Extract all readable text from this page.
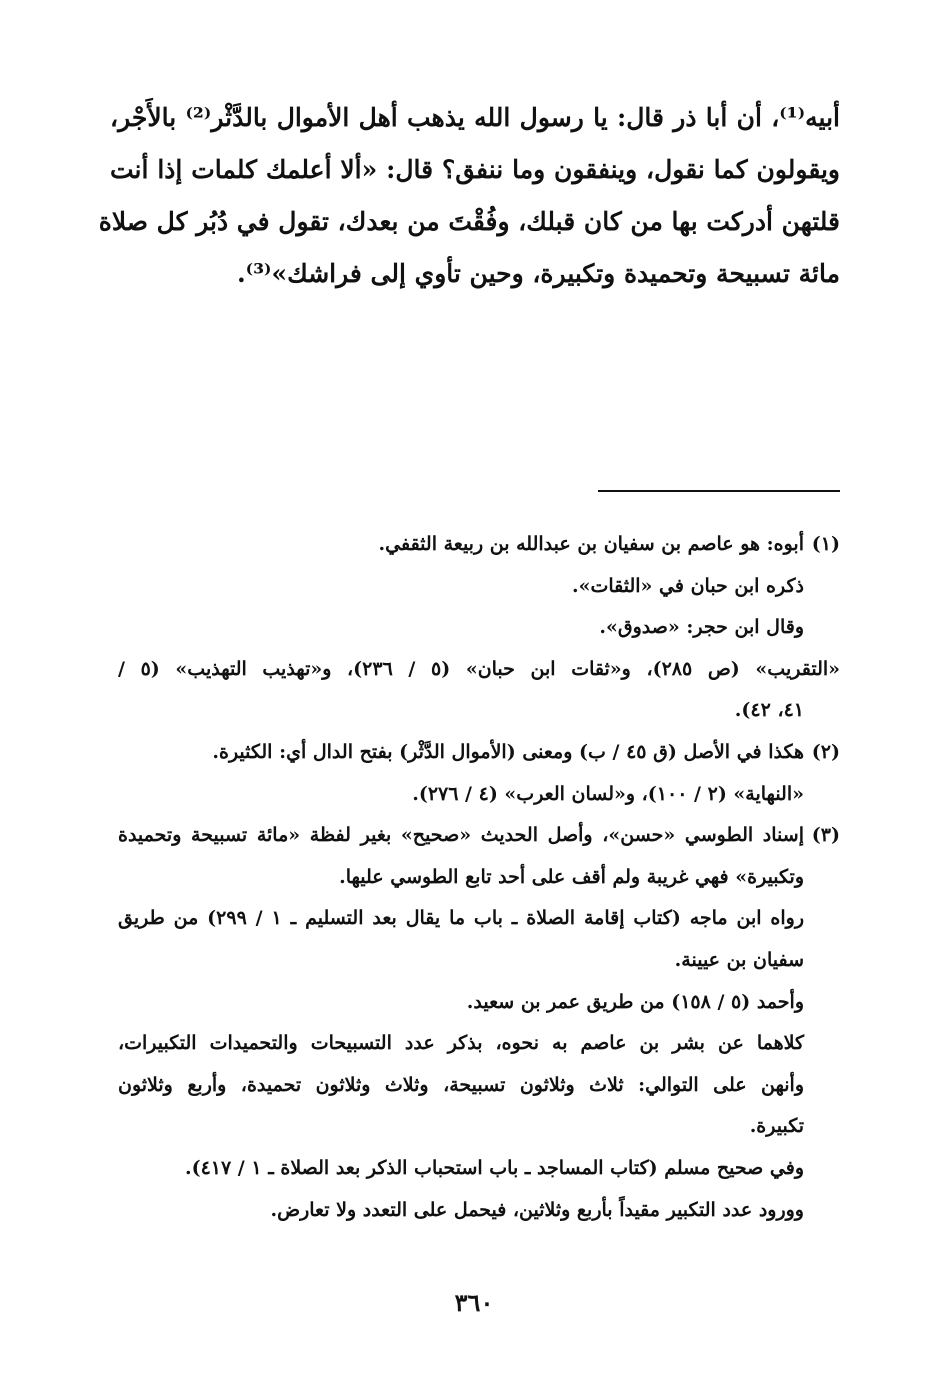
أبيه⁽¹⁾، أن أبا ذر قال: يا رسول الله يذهب أهل الأموال بالدَّثْر⁽²⁾ بالأَجْر،
ويقولون كما نقول، وينفقون وما ننفق؟ قال: «ألا أعلمك كلمات إذا أنت
قلتهن أدركت بها من كان قبلك، وفُقْتَ من بعدك، تقول في دُبُر كل صلاة
مائة تسبيحة وتحميدة وتكبيرة، وحين تأوي إلى فراشك»⁽³⁾.
(١)
أبوه: هو عاصم بن سفيان بن عبدالله بن ربيعة الثقفي.
ذكره ابن حبان في «الثقات».
وقال ابن حجر: «صدوق».
«التقريب» (ص ٢٨٥)، و«ثقات ابن حبان» (٥ / ٢٣٦)، و«تهذيب التهذيب» (٥ /
٤١، ٤٢).
(٢)
هكذا في الأصل (ق ٤٥ / ب) ومعنى (الأموال الدَّثْر) بفتح الدال أي: الكثيرة.
«النهاية» (٢ / ١٠٠)، و«لسان العرب» (٤ / ٢٧٦).
(٣)
إسناد الطوسي «حسن»، وأصل الحديث «صحيح» بغير لفظة «مائة تسبيحة وتحميدة
وتكبيرة» فهي غريبة ولم أقف على أحد تابع الطوسي عليها.
رواه ابن ماجه (كتاب إقامة الصلاة ـ باب ما يقال بعد التسليم ـ ١ / ٢٩٩) من طريق
سفيان بن عيينة.
وأحمد (٥ / ١٥٨) من طريق عمر بن سعيد.
كلاهما عن بشر بن عاصم به نحوه، بذكر عدد التسبيحات والتحميدات التكبيرات،
وأنهن على التوالي: ثلاث وثلاثون تسبيحة، وثلاث وثلاثون تحميدة، وأربع وثلاثون
تكبيرة.
وفي صحيح مسلم (كتاب المساجد ـ باب استحباب الذكر بعد الصلاة ـ ١ / ٤١٧).
وورود عدد التكبير مقيداً بأربع وثلاثين، فيحمل على التعدد ولا تعارض.
٣٦٠
